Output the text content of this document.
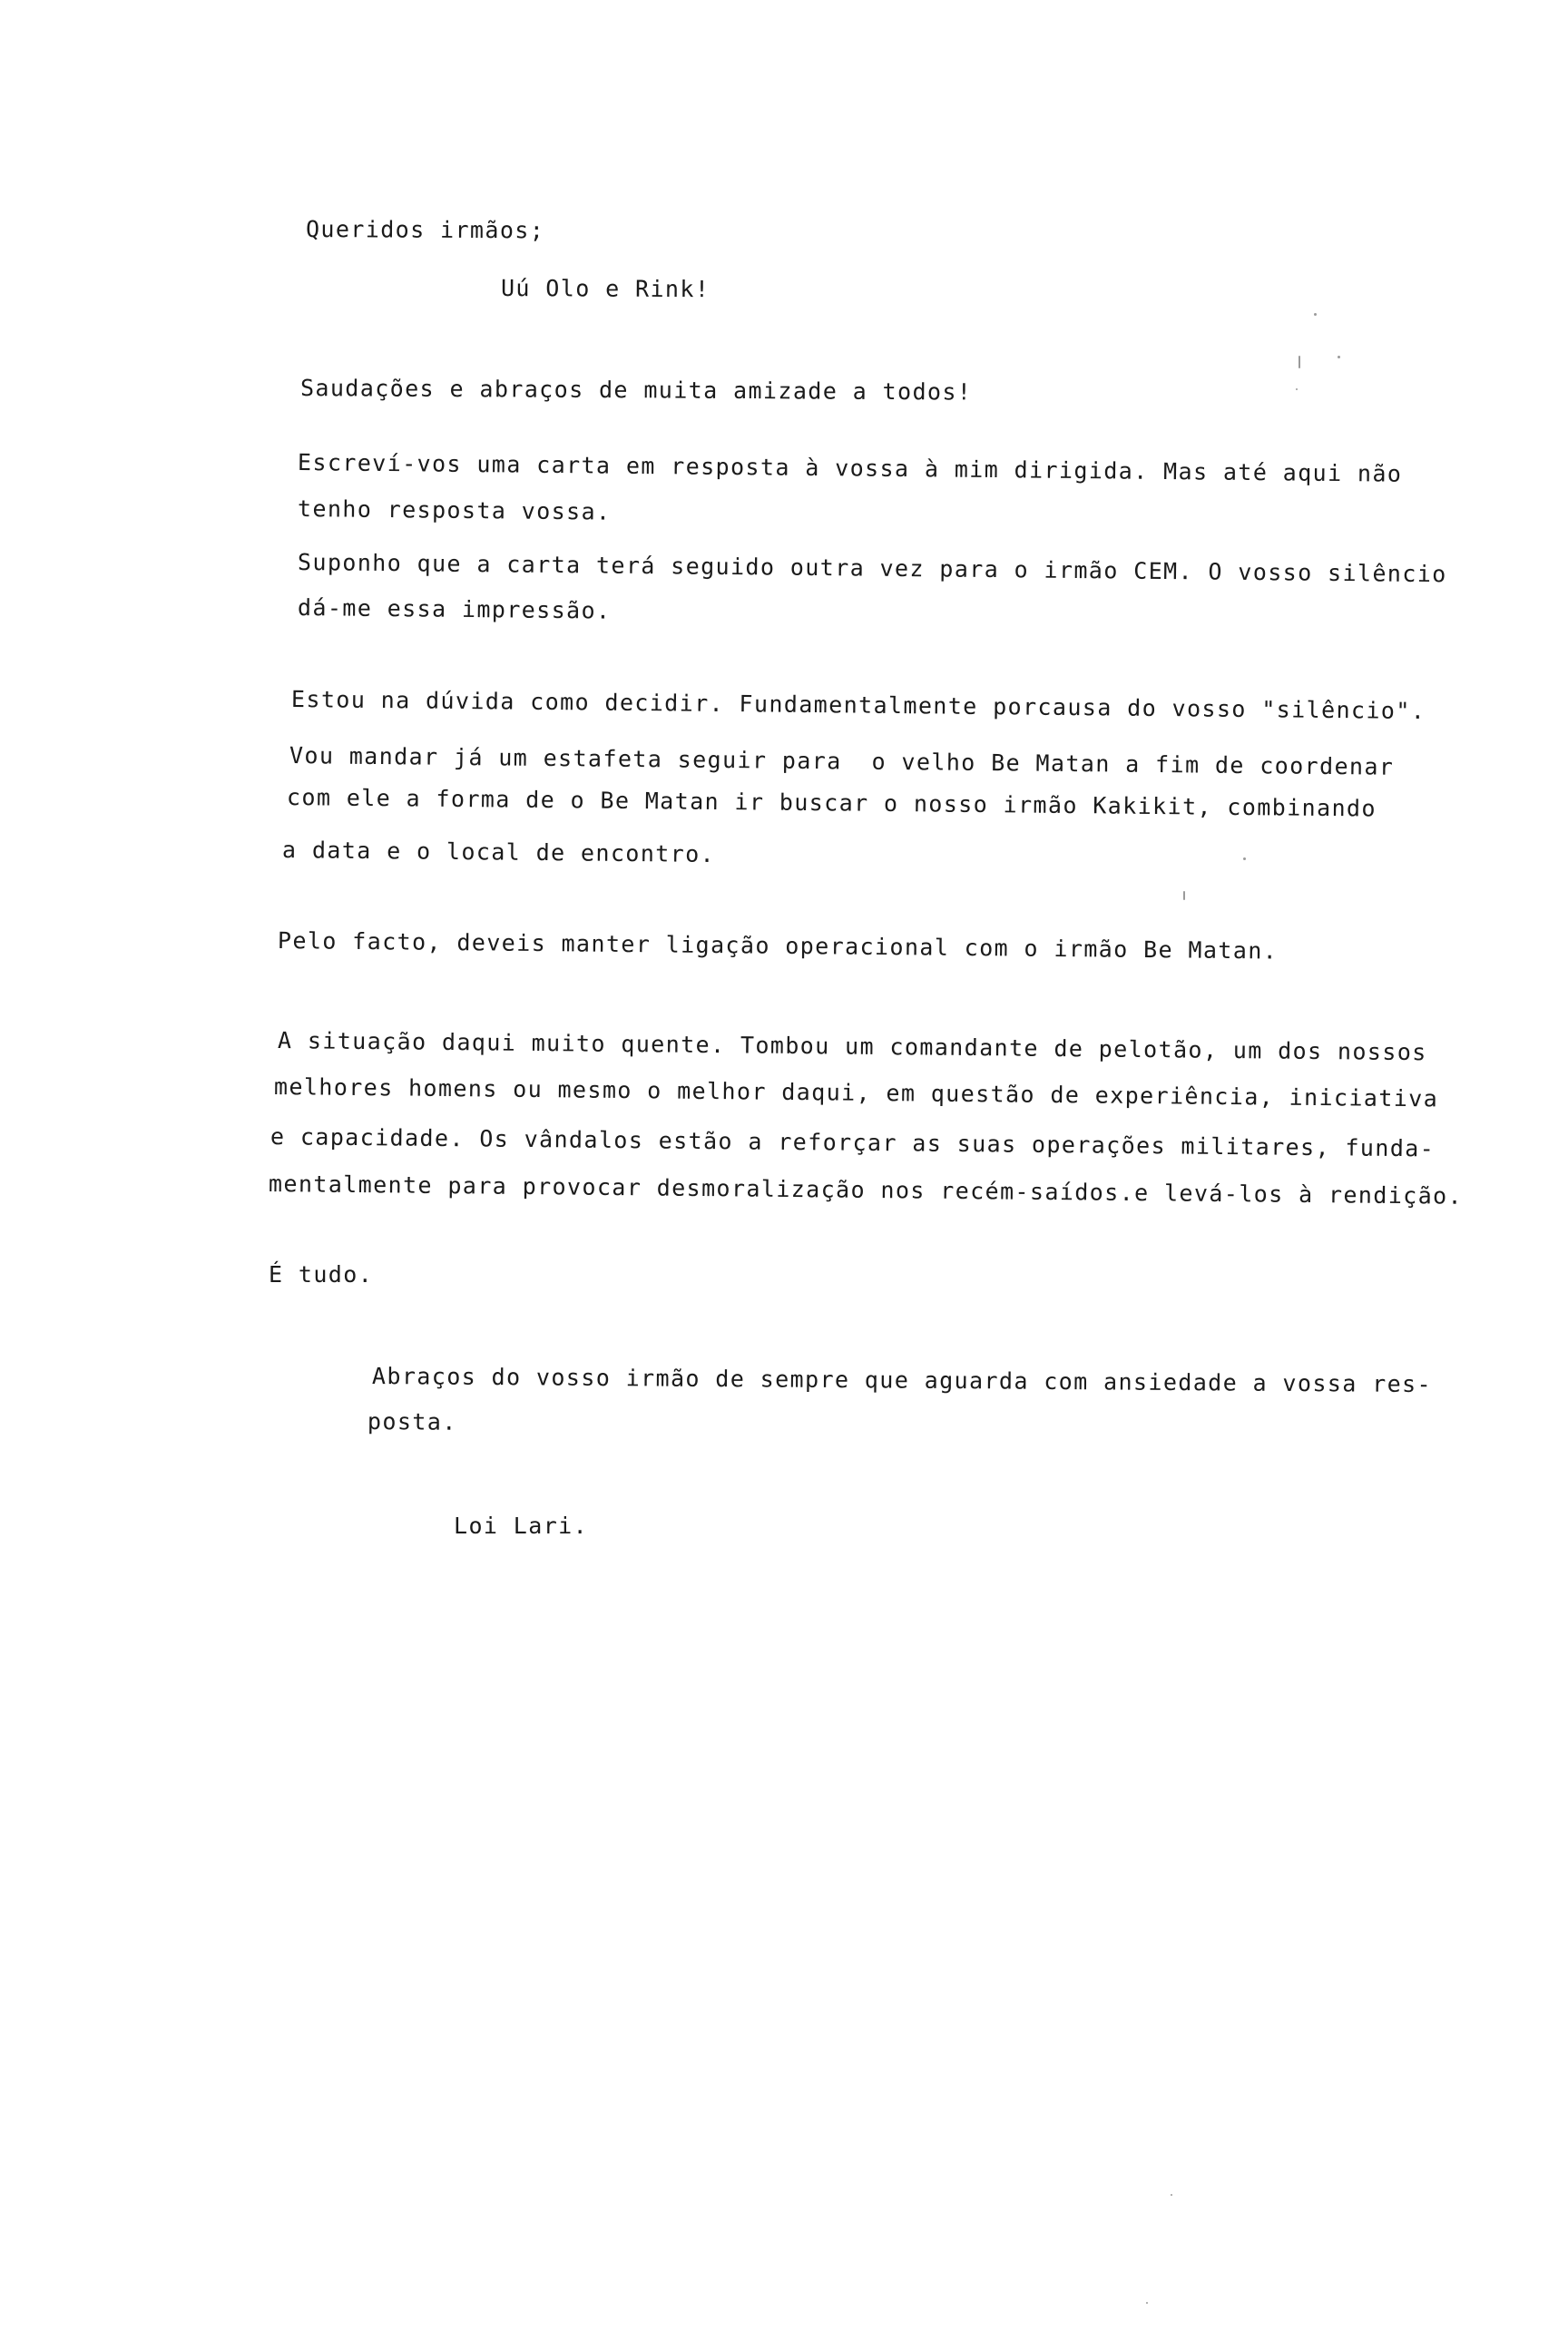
Queridos irmãos;
Uú Olo e Rink!
Saudações e abraços de muita amizade a todos!
Escreví-vos uma carta em resposta à vossa à mim dirigida. Mas até aqui não
tenho resposta vossa.
Suponho que a carta terá seguido outra vez para o irmão CEM. O vosso silêncio
dá-me essa impressão.
Estou na dúvida como decidir. Fundamentalmente porcausa do vosso "silêncio".
Vou mandar já um estafeta seguir para  o velho Be Matan a fim de coordenar
com ele a forma de o Be Matan ir buscar o nosso irmão Kakikit, combinando
a data e o local de encontro.
Pelo facto, deveis manter ligação operacional com o irmão Be Matan.
A situação daqui muito quente. Tombou um comandante de pelotão, um dos nossos
melhores homens ou mesmo o melhor daqui, em questão de experiência, iniciativa
e capacidade. Os vândalos estão a reforçar as suas operações militares, funda-
mentalmente para provocar desmoralização nos recém-saídos.e levá-los à rendição.
É tudo.
Abraços do vosso irmão de sempre que aguarda com ansiedade a vossa res-
posta.
Loi Lari.
